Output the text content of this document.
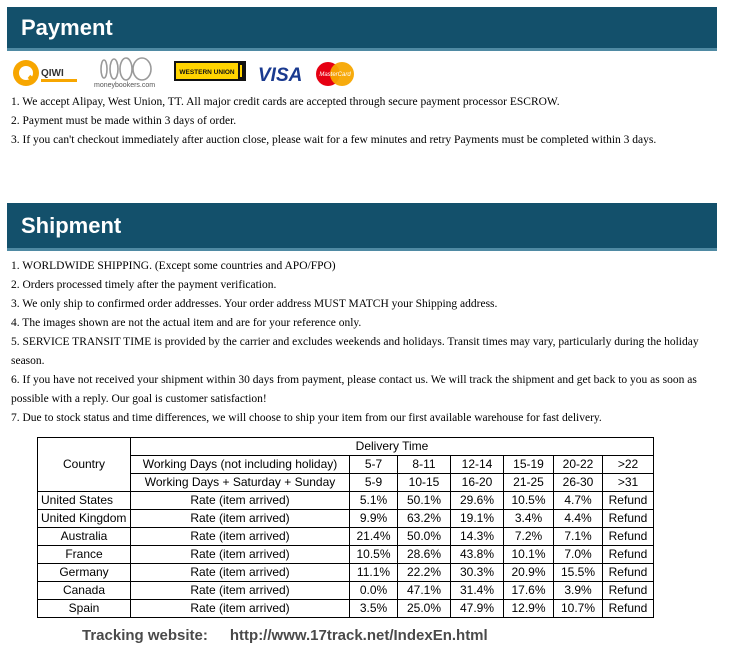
Payment
QIWI
moneybookers.com
WESTERN UNION VISA	MasterCard
1. We accept Alipay, West Union, TT. All major credit cards are accepted through secure payment processor ESCROW.
2. Payment must be made within 3 days of order.
3. If you can't checkout immediately after auction close, please wait for a few minutes and retry Payments must be completed within 3 days.
Shipment
1. WORLDWIDE SHIPPING. (Except some countries and APO/FPO)
2. Orders processed timely after the payment verification.
3. We only ship to confirmed order addresses. Your order address MUST MATCH your Shipping address.
4. The images shown are not the actual item and are for your reference only.
5. SERVICE TRANSIT TIME is provided by the carrier and excludes weekends and holidays. Transit times may vary, particularly during the holiday season.
6. If you have not received your shipment within 30 days from payment, please contact us. We will track the shipment and get back to you as soon as possible with a reply. Our goal is customer satisfaction!
7. Due to stock status and time differences, we will choose to ship your item from our first available warehouse for fast delivery.
Country	Delivery Time						
	Working Days (not including holiday)	5-7	8-11	12-14	15-19	20-22	>22
	Working Days + Saturday + Sunday	5-9	10-15	16-20	21-25	26-30	>31
United States	Rate (item arrived)	5.1%	50.1%	29.6%	10.5%	4.7%	Refund
United Kingdom	Rate (item arrived)	9.9%	63.2%	19.1%	3.4%	4.4%	Refund
Australia	Rate (item arrived)	21.4%	50.0%	14.3%	7.2%	7.1%	Refund
France	Rate (item arrived)	10.5%	28.6%	43.8%	10.1%	7.0%	Refund
Germany	Rate (item arrived)	11.1%	22.2%	30.3%	20.9%	15.5%	Refund
Canada	Rate (item arrived)	0.0%	47.1%	31.4%	17.6%	3.9%	Refund
Spain	Rate (item arrived)	3.5%	25.0%	47.9%	12.9%	10.7%	Refund
Tracking website: http://www.17track.net/IndexEn.html
